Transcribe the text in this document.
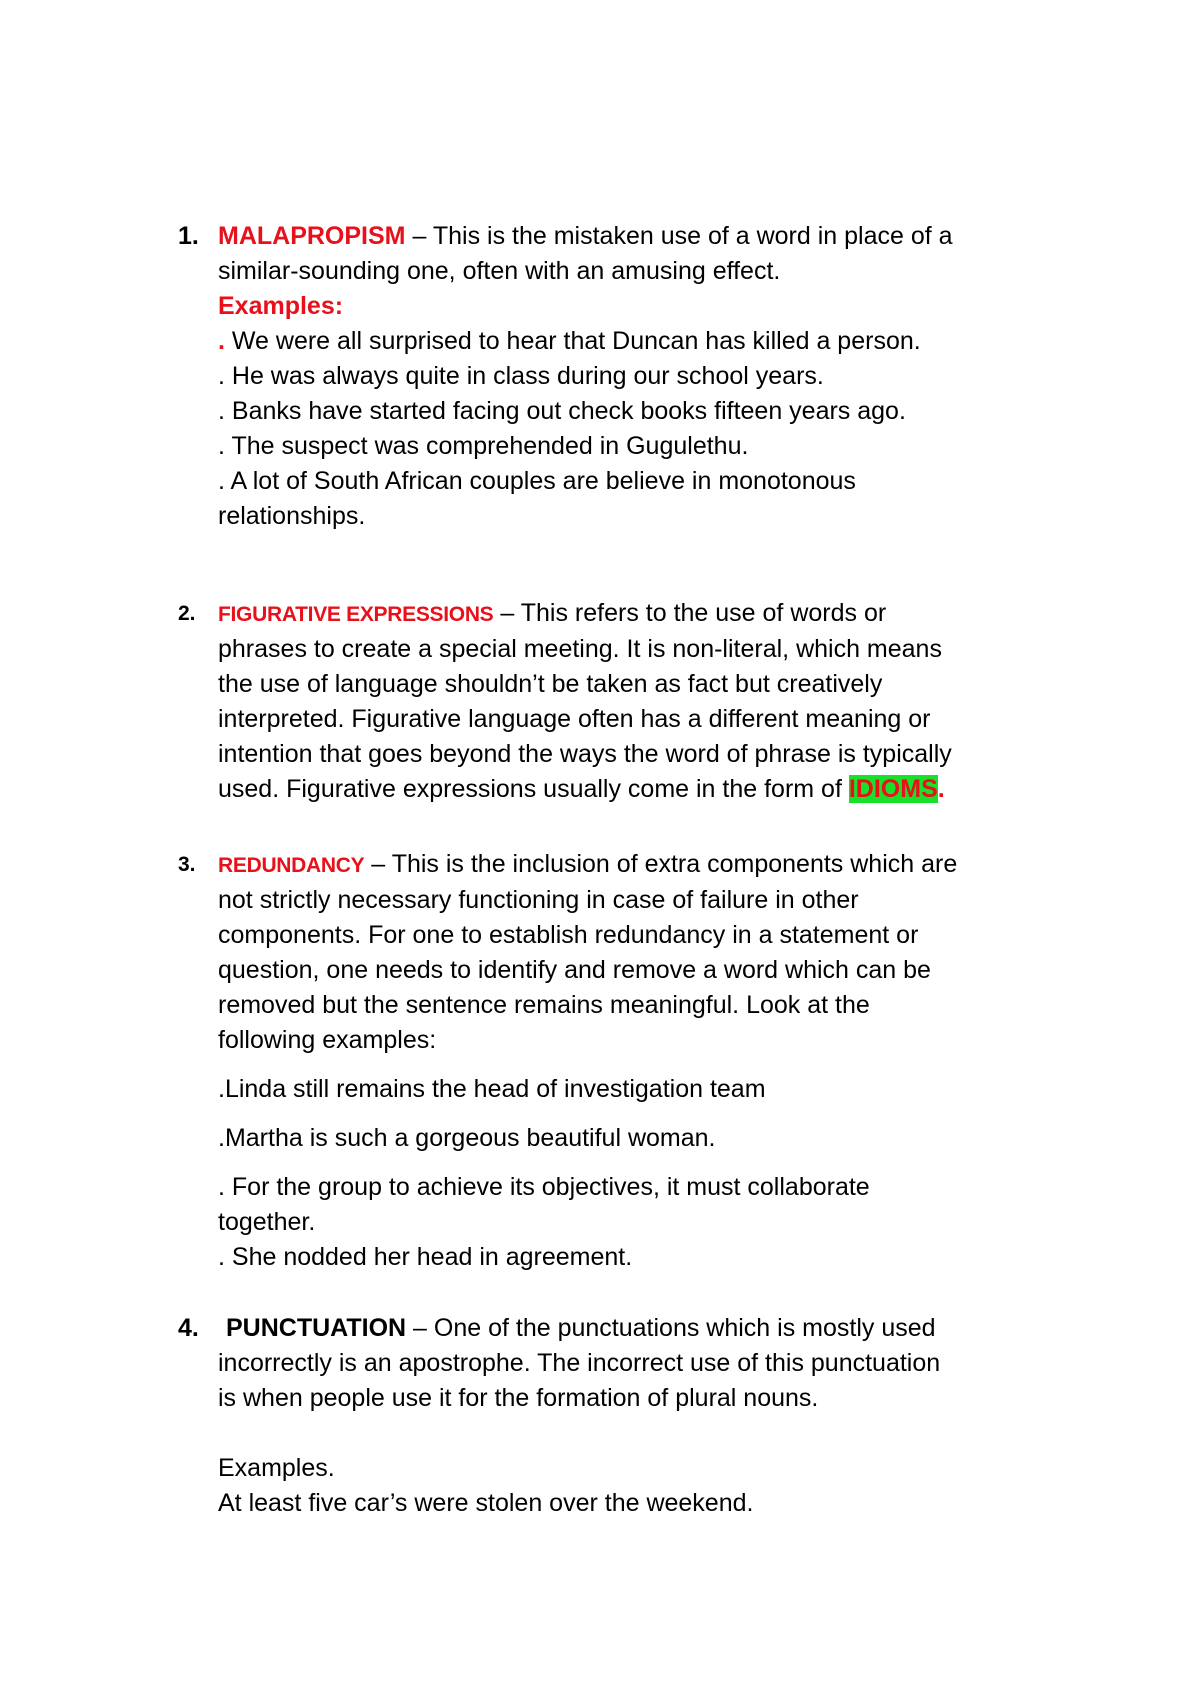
1. MALAPROPISM – This is the mistaken use of a word in place of a
similar-sounding one, often with an amusing effect.
Examples:
. We were all surprised to hear that Duncan has killed a person.
. He was always quite in class during our school years.
. Banks have started facing out check books fifteen years ago.
. The suspect was comprehended in Gugulethu.
. A lot of South African couples are believe in monotonous
relationships.
2.	FIGURATIVE EXPRESSIONS – This refers to the use of words or
phrases to create a special meeting. It is non-literal, which means
the use of language shouldn’t be taken as fact but creatively
interpreted. Figurative language often has a different meaning or
intention that goes beyond the ways the word of phrase is typically
used. Figurative expressions usually come in the form of IDIOMS.
3.	REDUNDANCY – This is the inclusion of extra components which are
not strictly necessary functioning in case of failure in other
components. For one to establish redundancy in a statement or
question, one needs to identify and remove a word which can be
removed but the sentence remains meaningful. Look at the
following examples:
.Linda still remains the head of investigation team
.Martha is such a gorgeous beautiful woman.
. For the group to achieve its objectives, it must collaborate
together.
. She nodded her head in agreement.
4.	PUNCTUATION – One of the punctuations which is mostly used
incorrectly is an apostrophe. The incorrect use of this punctuation
is when people use it for the formation of plural nouns.
Examples.
At least five car’s were stolen over the weekend.
